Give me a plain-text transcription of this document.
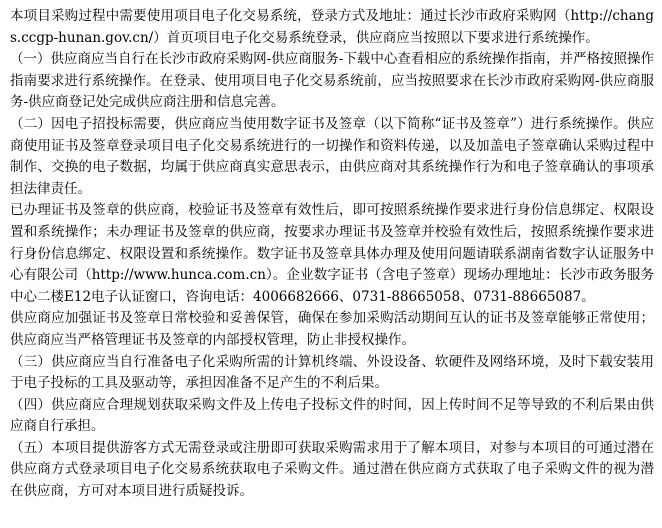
本项目采购过程中需要使用项目电子化交易系统，登录方式及地址：通过长沙市政府采购网（http://changs.ccgp-hunan.gov.cn/）首页项目电子化交易系统登录，供应商应当按照以下要求进行系统操作。

（一）供应商应当自行在长沙市政府采购网-供应商服务-下载中心查看相应的系统操作指南，并严格按照操作指南要求进行系统操作。在登录、使用项目电子化交易系统前，应当按照要求在长沙市政府采购网-供应商服务-供应商登记处完成供应商注册和信息完善。

（二）因电子招投标需要，供应商应当使用数字证书及签章（以下简称“证书及签章”）进行系统操作。供应商使用证书及签章登录项目电子化交易系统进行的一切操作和资料传递，以及加盖电子签章确认采购过程中制作、交换的电子数据，均属于供应商真实意思表示，由供应商对其系统操作行为和电子签章确认的事项承担法律责任。

已办理证书及签章的供应商，校验证书及签章有效性后，即可按照系统操作要求进行身份信息绑定、权限设置和系统操作；未办理证书及签章的供应商，按要求办理证书及签章并校验有效性后，按照系统操作要求进行身份信息绑定、权限设置和系统操作。数字证书及签章具体办理及使用问题请联系湖南省数字认证服务中心有限公司（http://www.hunca.com.cn）。企业数字证书（含电子签章）现场办理地址：长沙市政务服务中心二楼E12电子认证窗口，咨询电话：4006682666、0731-88665058、0731-88665087。

供应商应加强证书及签章日常校验和妥善保管，确保在参加采购活动期间互认的证书及签章能够正常使用；供应商应当严格管理证书及签章的内部授权管理，防止非授权操作。

（三）供应商应当自行准备电子化采购所需的计算机终端、外设设备、软硬件及网络环境，及时下载安装用于电子投标的工具及驱动等，承担因准备不足产生的不利后果。

（四）供应商应合理规划获取采购文件及上传电子投标文件的时间，因上传时间不足等导致的不利后果由供应商自行承担。

（五）本项目提供游客方式无需登录或注册即可获取采购需求用于了解本项目，对参与本项目的可通过潜在供应商方式登录项目电子化交易系统获取电子采购文件。通过潜在供应商方式获取了电子采购文件的视为潜在供应商，方可对本项目进行质疑投诉。
